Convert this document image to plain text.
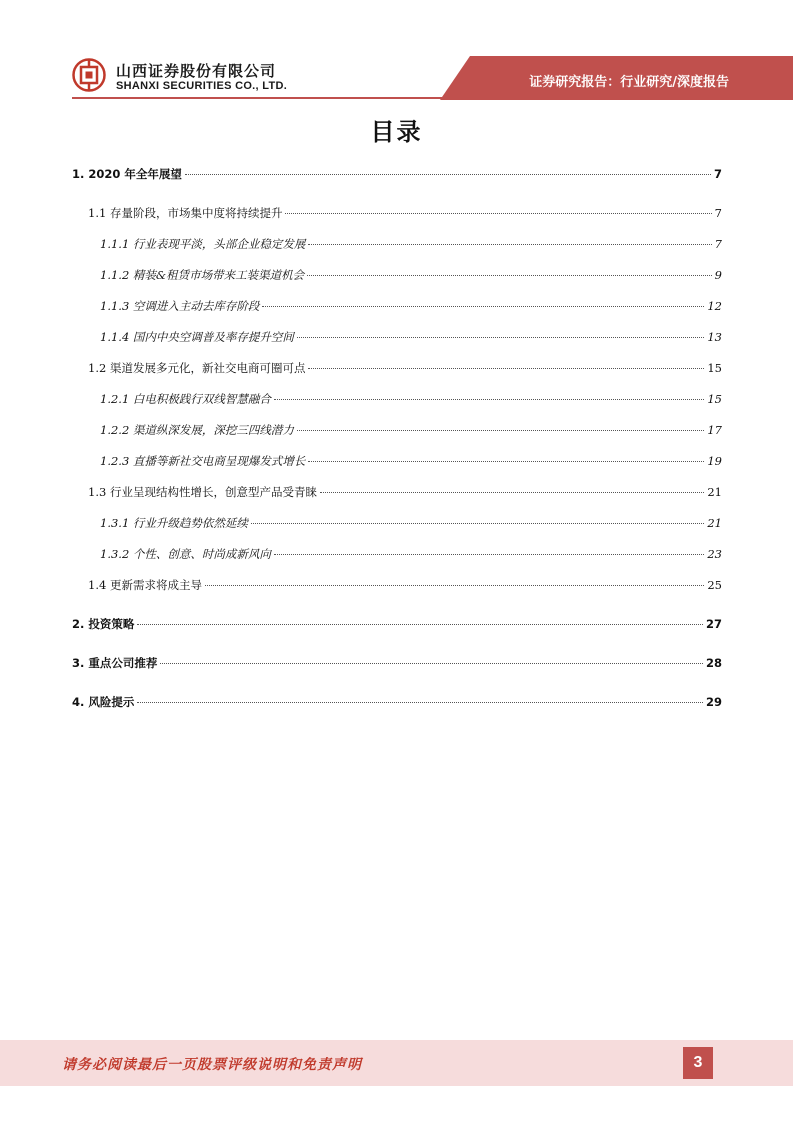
山西证券股份有限公司
SHANXI SECURITIES CO., LTD.	证券研究报告：行业研究/深度报告
目录
1. 2020 年全年展望	7
1.1 存量阶段，市场集中度将持续提升	7
1.1.1 行业表现平淡，头部企业稳定发展	7
1.1.2 精装&租赁市场带来工装渠道机会	9
1.1.3 空调进入主动去库存阶段	12
1.1.4 国内中央空调普及率存提升空间	13
1.2 渠道发展多元化，新社交电商可圈可点	15
1.2.1 白电积极践行双线智慧融合	15
1.2.2 渠道纵深发展，深挖三四线潜力	17
1.2.3 直播等新社交电商呈现爆发式增长	19
1.3 行业呈现结构性增长，创意型产品受青睐	21
1.3.1 行业升级趋势依然延续	21
1.3.2 个性、创意、时尚成新风向	23
1.4 更新需求将成主导	25
2. 投资策略	27
3. 重点公司推荐	28
4. 风险提示	29
请务必阅读最后一页股票评级说明和免责声明	3
